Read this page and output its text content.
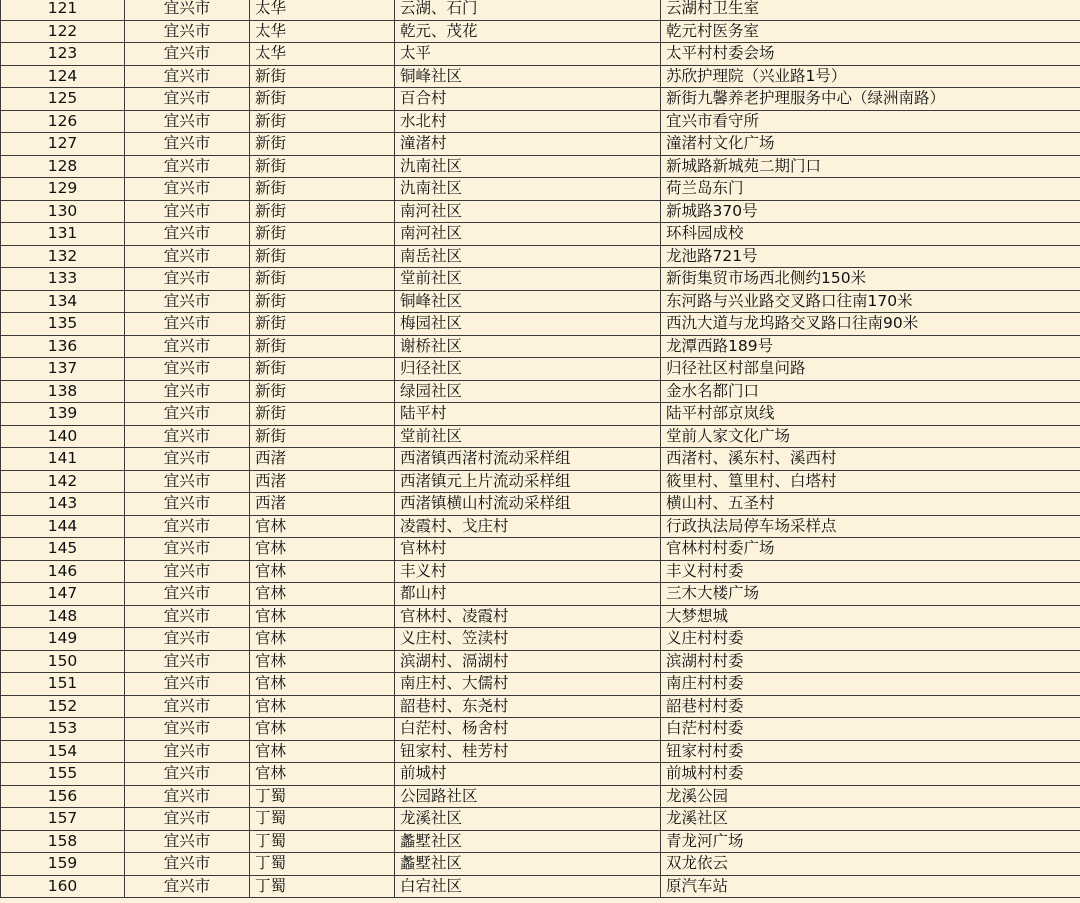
121	宜兴市	太华	云湖、石门	云湖村卫生室
122	宜兴市	太华	乾元、茂花	乾元村医务室
123	宜兴市	太华	太平	太平村村委会场
124	宜兴市	新街	铜峰社区	苏欣护理院（兴业路1号）
125	宜兴市	新街	百合村	新街九馨养老护理服务中心（绿洲南路）
126	宜兴市	新街	水北村	宜兴市看守所
127	宜兴市	新街	潼渚村	潼渚村文化广场
128	宜兴市	新街	氿南社区	新城路新城苑二期门口
129	宜兴市	新街	氿南社区	荷兰岛东门
130	宜兴市	新街	南河社区	新城路370号
131	宜兴市	新街	南河社区	环科园成校
132	宜兴市	新街	南岳社区	龙池路721号
133	宜兴市	新街	堂前社区	新街集贸市场西北侧约150米
134	宜兴市	新街	铜峰社区	东河路与兴业路交叉路口往南170米
135	宜兴市	新街	梅园社区	西氿大道与龙坞路交叉路口往南90米
136	宜兴市	新街	谢桥社区	龙潭西路189号
137	宜兴市	新街	归径社区	归径社区村部皇问路
138	宜兴市	新街	绿园社区	金水名都门口
139	宜兴市	新街	陆平村	陆平村部京岚线
140	宜兴市	新街	堂前社区	堂前人家文化广场
141	宜兴市	西渚	西渚镇西渚村流动采样组	西渚村、溪东村、溪西村
142	宜兴市	西渚	西渚镇元上片流动采样组	筱里村、篁里村、白塔村
143	宜兴市	西渚	西渚镇横山村流动采样组	横山村、五圣村
144	宜兴市	官林	凌霞村、戈庄村	行政执法局停车场采样点
145	宜兴市	官林	官林村	官林村村委广场
146	宜兴市	官林	丰义村	丰义村村委
147	宜兴市	官林	都山村	三木大楼广场
148	宜兴市	官林	官林村、凌霞村	大梦想城
149	宜兴市	官林	义庄村、笠渎村	义庄村村委
150	宜兴市	官林	滨湖村、滆湖村	滨湖村村委
151	宜兴市	官林	南庄村、大儒村	南庄村村委
152	宜兴市	官林	韶巷村、东尧村	韶巷村村委
153	宜兴市	官林	白茫村、杨舍村	白茫村村委
154	宜兴市	官林	钮家村、桂芳村	钮家村村委
155	宜兴市	官林	前城村	前城村村委
156	宜兴市	丁蜀	公园路社区	龙溪公园
157	宜兴市	丁蜀	龙溪社区	龙溪社区
158	宜兴市	丁蜀	蠡墅社区	青龙河广场
159	宜兴市	丁蜀	蠡墅社区	双龙依云
160	宜兴市	丁蜀	白宕社区	原汽车站
